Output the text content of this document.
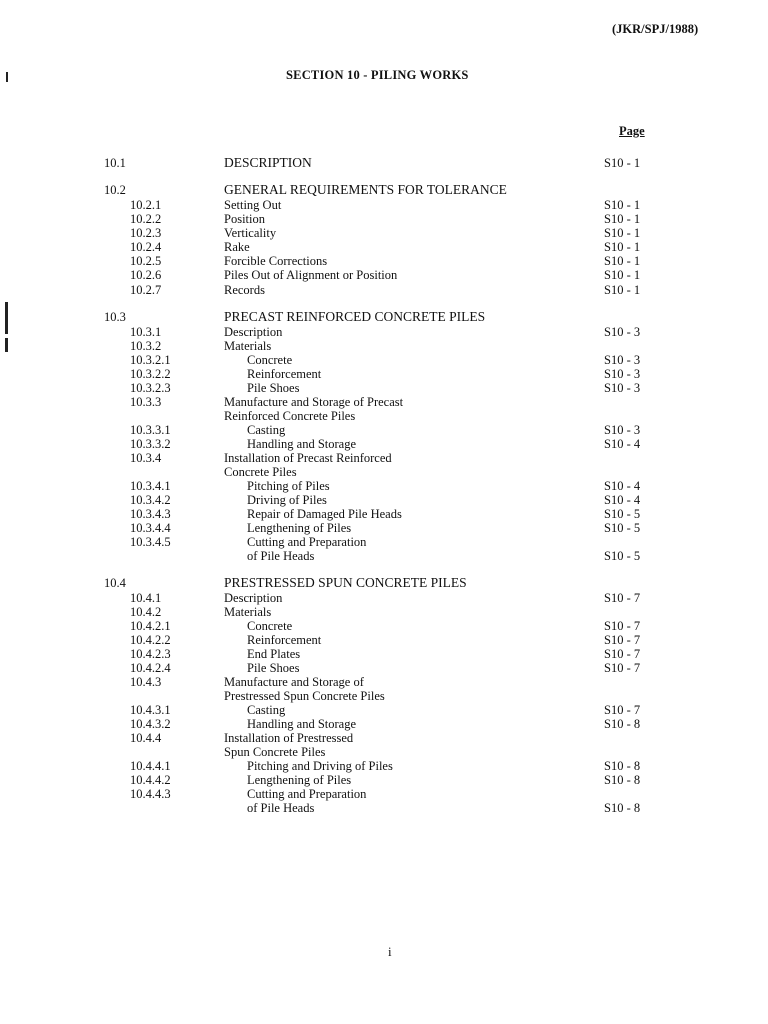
(JKR/SPJ/1988)
SECTION 10 - PILING WORKS
Page
10.1	DESCRIPTION	S10 - 1
10.2	GENERAL REQUIREMENTS FOR TOLERANCE
10.2.1	Setting Out	S10 - 1
10.2.2	Position	S10 - 1
10.2.3	Verticality	S10 - 1
10.2.4	Rake	S10 - 1
10.2.5	Forcible Corrections	S10 - 1
10.2.6	Piles Out of Alignment or Position	S10 - 1
10.2.7	Records	S10 - 1
10.3	PRECAST REINFORCED CONCRETE PILES
10.3.1	Description	S10 - 3
10.3.2	Materials
10.3.2.1	Concrete	S10 - 3
10.3.2.2	Reinforcement	S10 - 3
10.3.2.3	Pile Shoes	S10 - 3
10.3.3	Manufacture and Storage of Precast
Reinforced Concrete Piles
10.3.3.1	Casting	S10 - 3
10.3.3.2	Handling and Storage	S10 - 4
10.3.4	Installation of Precast Reinforced
Concrete Piles
10.3.4.1	Pitching of Piles	S10 - 4
10.3.4.2	Driving of Piles	S10 - 4
10.3.4.3	Repair of Damaged Pile Heads	S10 - 5
10.3.4.4	Lengthening of Piles	S10 - 5
10.3.4.5	Cutting and Preparation
of Pile Heads	S10 - 5
10.4	PRESTRESSED SPUN CONCRETE PILES
10.4.1	Description	S10 - 7
10.4.2	Materials
10.4.2.1	Concrete	S10 - 7
10.4.2.2	Reinforcement	S10 - 7
10.4.2.3	End Plates	S10 - 7
10.4.2.4	Pile Shoes	S10 - 7
10.4.3	Manufacture and Storage of
Prestressed Spun Concrete Piles
10.4.3.1	Casting	S10 - 7
10.4.3.2	Handling and Storage	S10 - 8
10.4.4	Installation of Prestressed
Spun Concrete Piles
10.4.4.1	Pitching and Driving of Piles	S10 - 8
10.4.4.2	Lengthening of Piles	S10 - 8
10.4.4.3	Cutting and Preparation
of Pile Heads	S10 - 8
i
